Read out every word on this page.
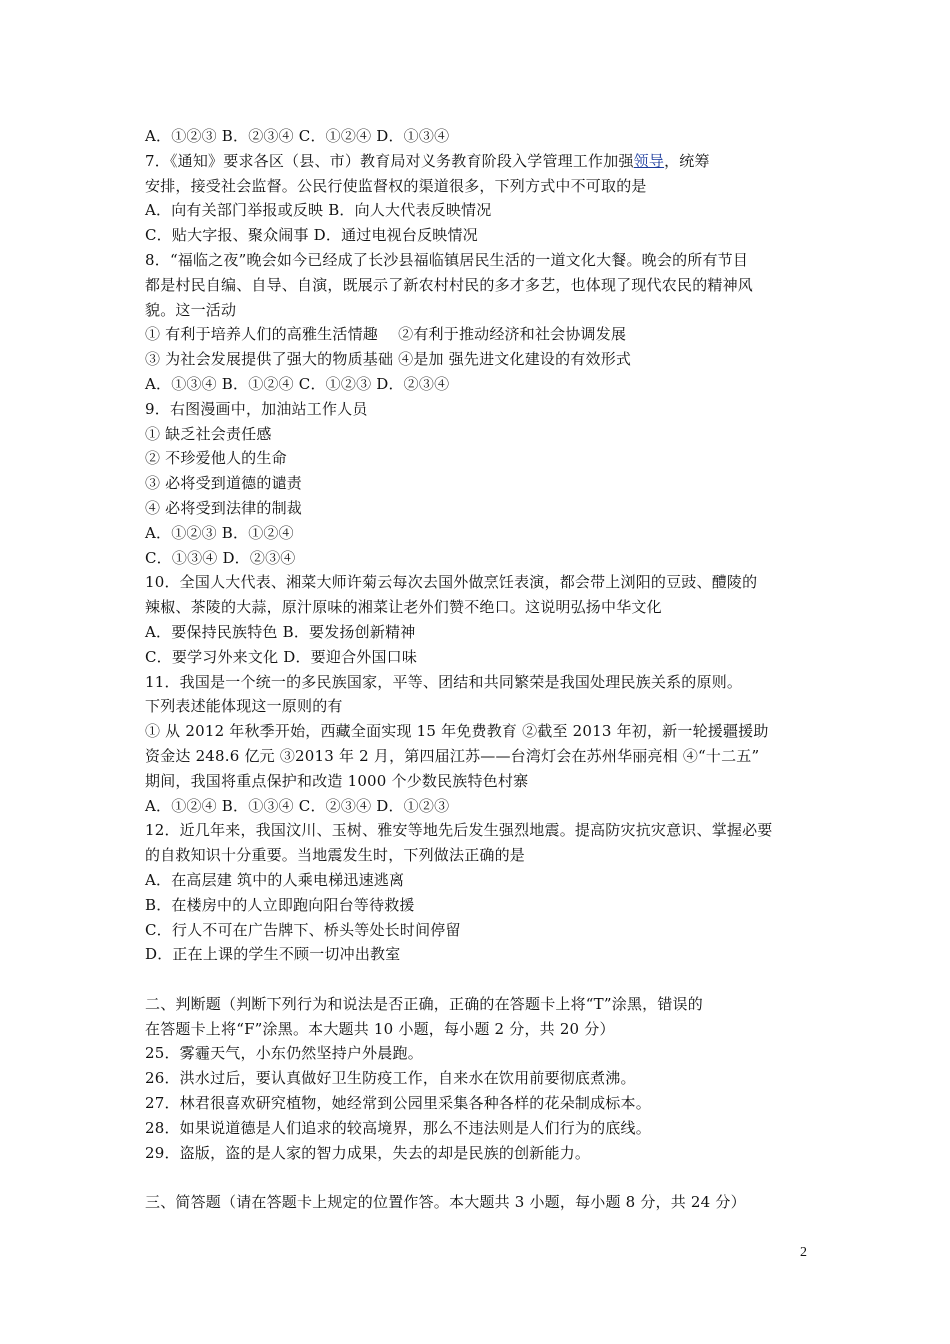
A．①②③ B．②③④ C．①②④ D．①③④
7．《通知》要求各区（县、市）教育局对义务教育阶段入学管理工作加强领导，统筹
安排，接受社会监督。公民行使监督权的渠道很多，下列方式中不可取的是
A．向有关部门举报或反映 B．向人大代表反映情况
C．贴大字报、聚众闹事 D．通过电视台反映情况
8．“福临之夜”晚会如今已经成了长沙县福临镇居民生活的一道文化大餐。晚会的所有节目
都是村民自编、自导、自演，既展示了新农村村民的多才多艺，也体现了现代农民的精神风
貌。这一活动
① 有利于培养人们的高雅生活情趣　 ②有利于推动经济和社会协调发展
③ 为社会发展提供了强大的物质基础 ④是加 强先进文化建设的有效形式
A．①③④ B．①②④ C．①②③ D．②③④
9．右图漫画中，加油站工作人员
① 缺乏社会责任感
② 不珍爱他人的生命
③ 必将受到道德的谴责
④ 必将受到法律的制裁
A．①②③ B．①②④
C．①③④ D．②③④
10．全国人大代表、湘菜大师许菊云每次去国外做烹饪表演，都会带上浏阳的豆豉、醴陵的
辣椒、茶陵的大蒜，原汁原味的湘菜让老外们赞不绝口。这说明弘扬中华文化
A．要保持民族特色 B．要发扬创新精神
C．要学习外来文化 D．要迎合外国口味
11．我国是一个统一的多民族国家，平等、团结和共同繁荣是我国处理民族关系的原则。
下列表述能体现这一原则的有
① 从 2012 年秋季开始，西藏全面实现 15 年免费教育 ②截至 2013 年初，新一轮援疆援助
资金达 248.6 亿元 ③2013 年 2 月，第四届江苏——台湾灯会在苏州华丽亮相 ④“十二五”
期间，我国将重点保护和改造 1000 个少数民族特色村寨
A．①②④ B．①③④ C．②③④ D．①②③
12．近几年来，我国汶川、玉树、雅安等地先后发生强烈地震。提高防灾抗灾意识、掌握必要
的自救知识十分重要。当地震发生时，下列做法正确的是
A．在高层建 筑中的人乘电梯迅速逃离
B．在楼房中的人立即跑向阳台等待救援
C．行人不可在广告牌下、桥头等处长时间停留
D．正在上课的学生不顾一切冲出教室
二、判断题（判断下列行为和说法是否正确，正确的在答题卡上将“T”涂黑，错误的
在答题卡上将“F”涂黑。本大题共 10 小题，每小题 2 分，共 20 分）
25．雾霾天气，小东仍然坚持户外晨跑。
26．洪水过后，要认真做好卫生防疫工作，自来水在饮用前要彻底煮沸。
27．林君很喜欢研究植物，她经常到公园里采集各种各样的花朵制成标本。
28．如果说道德是人们追求的较高境界，那么不违法则是人们行为的底线。
29．盗版，盗的是人家的智力成果，失去的却是民族的创新能力。
三、简答题（请在答题卡上规定的位置作答。本大题共 3 小题，每小题 8 分，共 24 分）
2
